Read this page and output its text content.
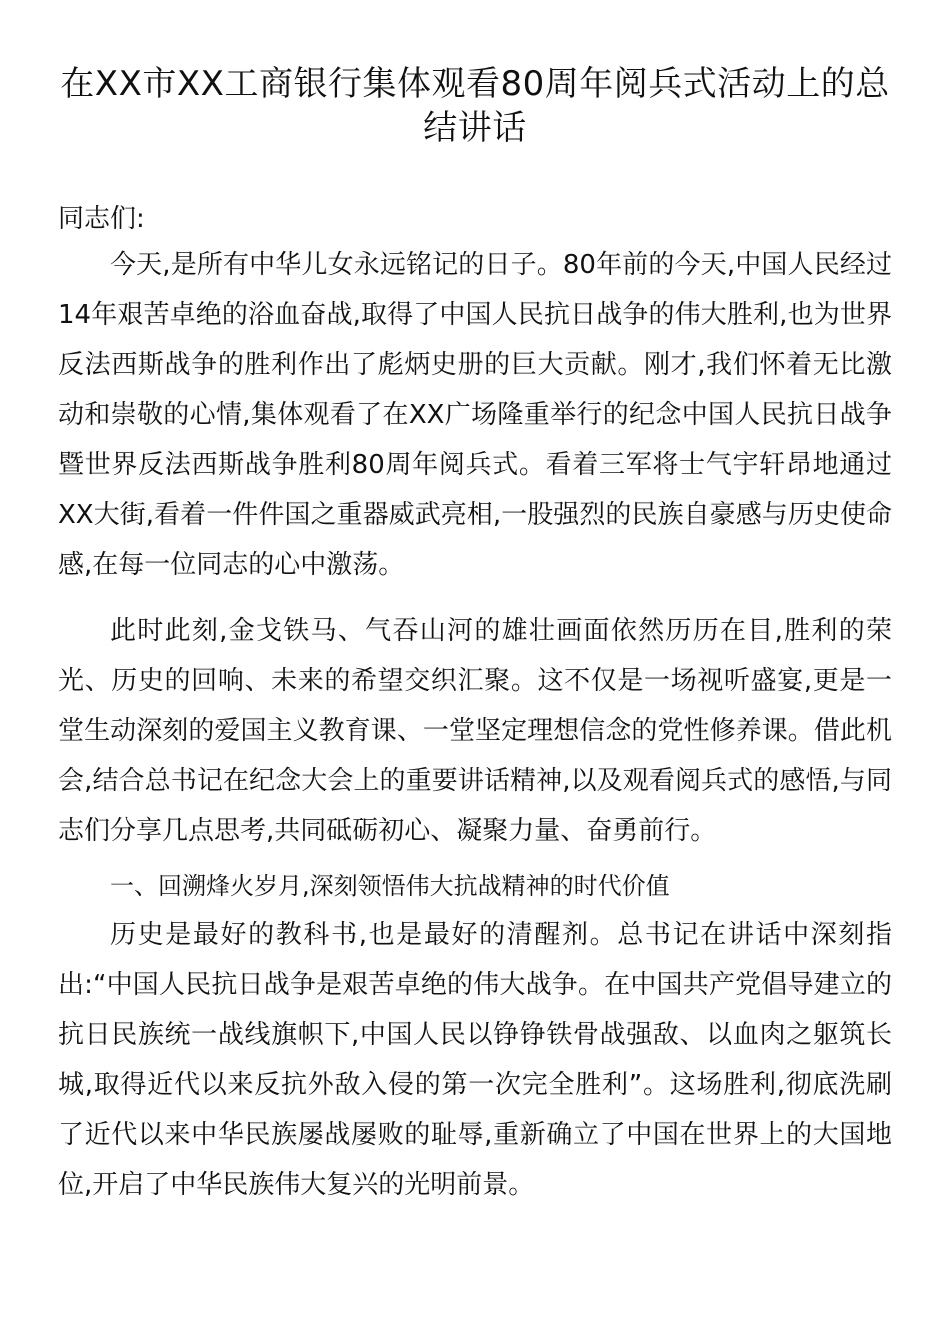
在XX市XX工商银行集体观看80周年阅兵式活动上的总结讲话

同志们:

今天,是所有中华儿女永远铭记的日子。80年前的今天,中国人民经过14年艰苦卓绝的浴血奋战,取得了中国人民抗日战争的伟大胜利,也为世界反法西斯战争的胜利作出了彪炳史册的巨大贡献。刚才,我们怀着无比激动和崇敬的心情,集体观看了在XX广场隆重举行的纪念中国人民抗日战争暨世界反法西斯战争胜利80周年阅兵式。看着三军将士气宇轩昂地通过XX大街,看着一件件国之重器威武亮相,一股强烈的民族自豪感与历史使命感,在每一位同志的心中激荡。

此时此刻,金戈铁马、气吞山河的雄壮画面依然历历在目,胜利的荣光、历史的回响、未来的希望交织汇聚。这不仅是一场视听盛宴,更是一堂生动深刻的爱国主义教育课、一堂坚定理想信念的党性修养课。借此机会,结合总书记在纪念大会上的重要讲话精神,以及观看阅兵式的感悟,与同志们分享几点思考,共同砥砺初心、凝聚力量、奋勇前行。

一、回溯烽火岁月,深刻领悟伟大抗战精神的时代价值

历史是最好的教科书,也是最好的清醒剂。总书记在讲话中深刻指出:“中国人民抗日战争是艰苦卓绝的伟大战争。在中国共产党倡导建立的抗日民族统一战线旗帜下,中国人民以铮铮铁骨战强敌、以血肉之躯筑长城,取得近代以来反抗外敌入侵的第一次完全胜利”。这场胜利,彻底洗刷了近代以来中华民族屡战屡败的耻辱,重新确立了中国在世界上的大国地位,开启了中华民族伟大复兴的光明前景。
